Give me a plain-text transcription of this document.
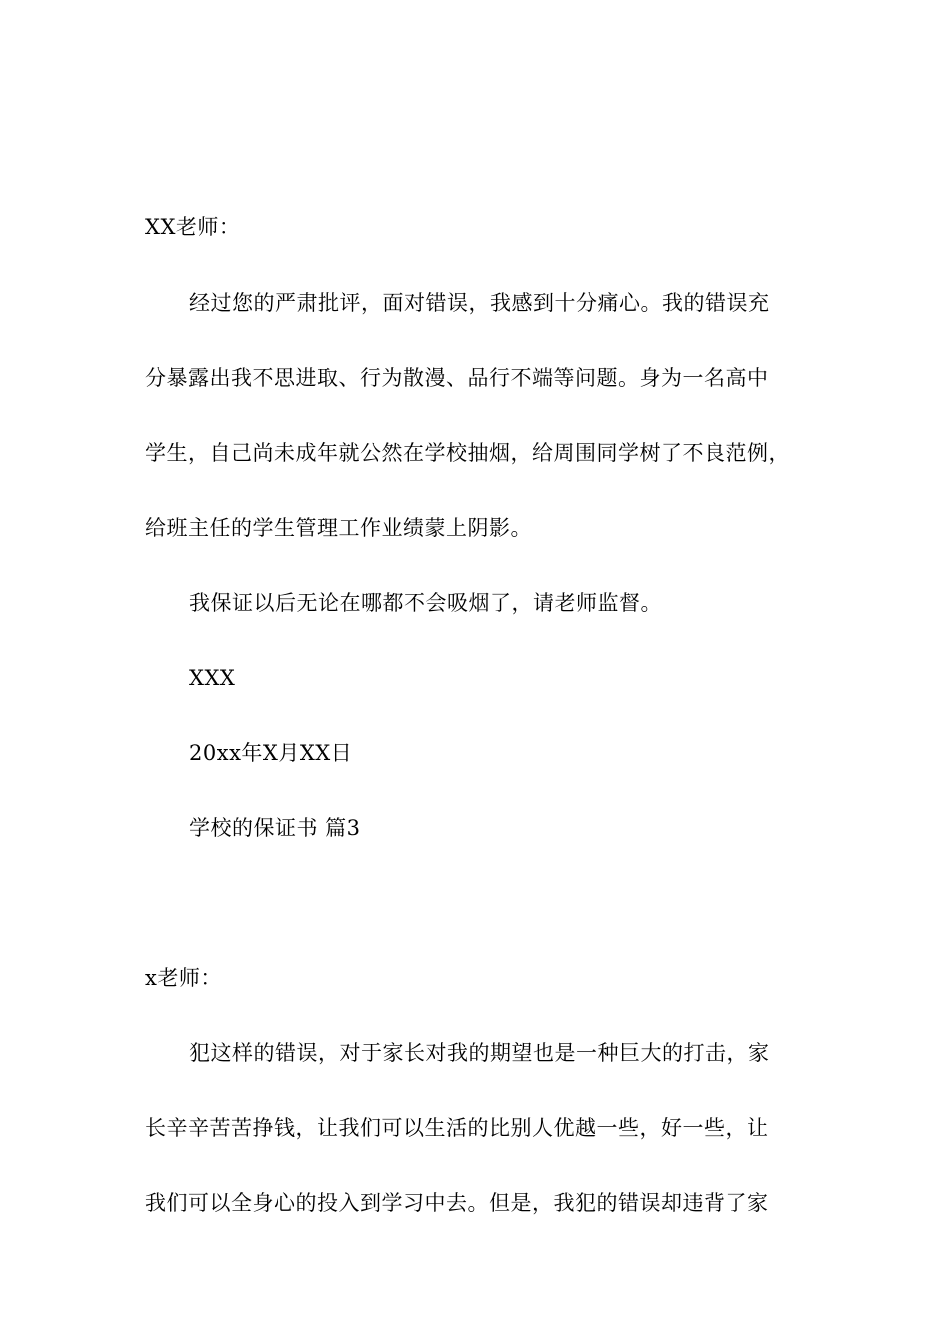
XX老师：
经过您的严肃批评，面对错误，我感到十分痛心。我的错误充
分暴露出我不思进取、行为散漫、品行不端等问题。身为一名高中
学生，自己尚未成年就公然在学校抽烟，给周围同学树了不良范例，
给班主任的学生管理工作业绩蒙上阴影。
我保证以后无论在哪都不会吸烟了，请老师监督。
XXX
20xx年X月XX日
学校的保证书 篇3
x老师：
犯这样的错误，对于家长对我的期望也是一种巨大的打击，家
长辛辛苦苦挣钱，让我们可以生活的比别人优越一些，好一些，让
我们可以全身心的投入到学习中去。但是，我犯的错误却违背了家
